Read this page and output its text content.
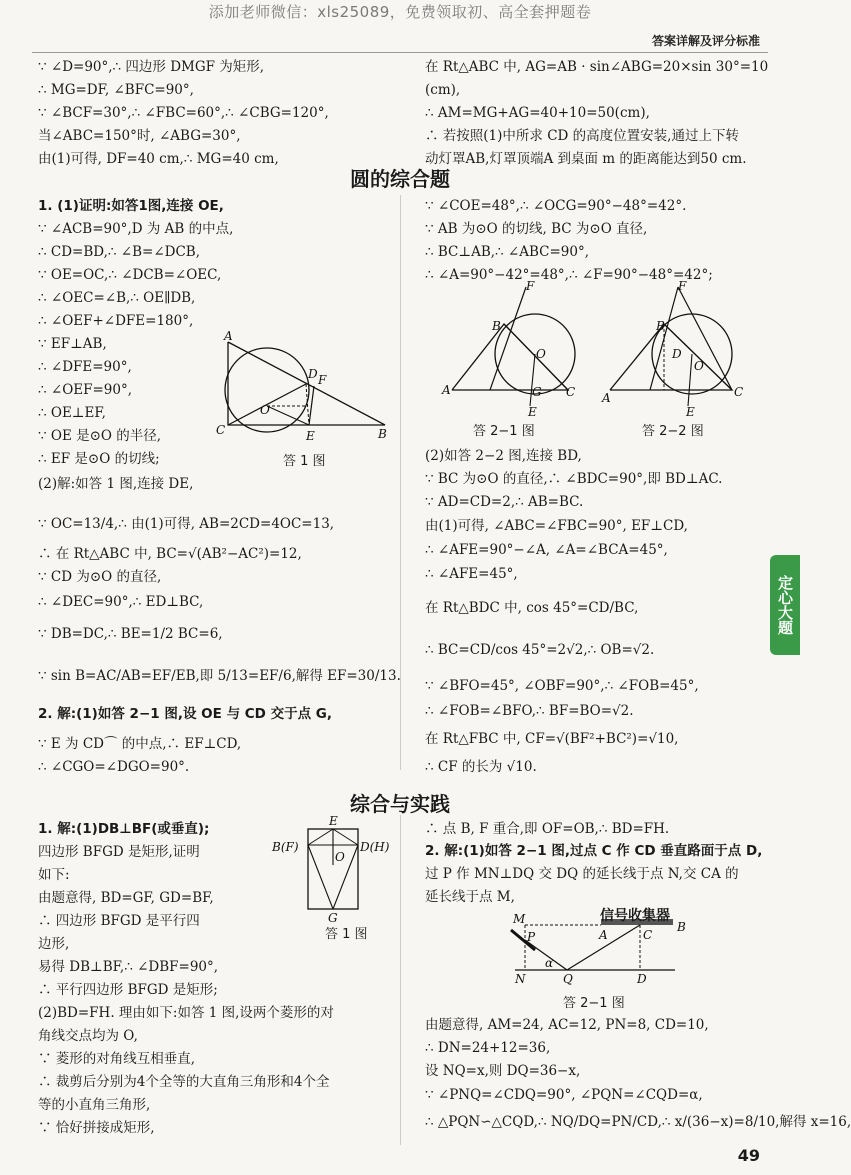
添加老师微信：xls25089，免费领取初、高全套押题卷
答案详解及评分标准
∵ ∠D=90°,∴ 四边形 DMGF 为矩形,
∴ MG=DF, ∠BFC=90°,
∵ ∠BCF=30°,∴ ∠FBC=60°,∴ ∠CBG=120°,
当∠ABC=150°时, ∠ABG=30°,
由(1)可得, DF=40 cm,∴ MG=40 cm,
在 Rt△ABC 中, AG=AB · sin∠ABG=20×sin 30°=10
(cm),
∴ AM=MG+AG=40+10=50(cm),
∴ 若按照(1)中所求 CD 的高度位置安装,通过上下转
动灯罩AB,灯罩顶端A 到桌面 m 的距离能达到50 cm.
圆的综合题
1. (1)证明:如答1图,连接 OE,
∵ ∠ACB=90°,D 为 AB 的中点,
∴ CD=BD,∴ ∠B=∠DCB,
∵ OE=OC,∴ ∠DCB=∠OEC,
∴ ∠OEC=∠B,∴ OE∥DB,
∴ ∠OEF+∠DFE=180°,
∵ EF⊥AB,
∴ ∠DFE=90°,
∴ ∠OEF=90°,
∴ OE⊥EF,
∵ OE 是⊙O 的半径,
∴ EF 是⊙O 的切线;
(2)解:如答 1 图,连接 DE,
∵ OC=13/4,∴ 由(1)可得, AB=2CD=4OC=13,
∴ 在 Rt△ABC 中, BC=√(AB²−AC²)=12,
∵ CD 为⊙O 的直径,
∴ ∠DEC=90°,∴ ED⊥BC,
∵ DB=DC,∴ BE=1/2 BC=6,
∵ sin B=AC/AB=EF/EB,即 5/13=EF/6,解得 EF=30/13.
2. 解:(1)如答 2−1 图,设 OE 与 CD 交于点 G,
∵ E 为 CD⌒ 的中点,∴ EF⊥CD,
∴ ∠CGO=∠DGO=90°.
A
D F
O
C	E	B
答 1 图
∵ ∠COE=48°,∴ ∠OCG=90°−48°=42°.
∵ AB 为⊙O 的切线, BC 为⊙O 直径,
∴ BC⊥AB,∴ ∠ABC=90°,
∴ ∠A=90°−42°=48°,∴ ∠F=90°−48°=42°;
(2)如答 2−2 图,连接 BD,
∵ BC 为⊙O 的直径,∴ ∠BDC=90°,即 BD⊥AC.
∵ AD=CD=2,∴ AB=BC.
由(1)可得, ∠ABC=∠FBC=90°, EF⊥CD,
∴ ∠AFE=90°−∠A, ∠A=∠BCA=45°,
∴ ∠AFE=45°,
在 Rt△BDC 中, cos 45°=CD/BC,
∴ BC=CD/cos 45°=2√2,∴ OB=√2.
∵ ∠BFO=45°, ∠OBF=90°,∴ ∠FOB=45°,
∴ ∠FOB=∠BFO,∴ BF=BO=√2.
在 Rt△FBC 中, CF=√(BF²+BC²)=√10,
∴ CF 的长为 √10.
F
B
O
A	G C
E
答 2−1 图
F
B
D
O
A	C
E
答 2−2 图
综合与实践
1. 解:(1)DB⊥BF(或垂直);
四边形 BFGD 是矩形,证明
如下:
由题意得, BD=GF, GD=BF,
∴ 四边形 BFGD 是平行四
边形,
易得 DB⊥BF,∴ ∠DBF=90°,
∴ 平行四边形 BFGD 是矩形;
(2)BD=FH. 理由如下:如答 1 图,设两个菱形的对
角线交点均为 O,
∵ 菱形的对角线互相垂直,
∴ 裁剪后分别为4个全等的大直角三角形和4个全
等的小直角三角形,
∵ 恰好拼接成矩形,
E
B(F)	D(H)
O
G
答 1 图
∴ 点 B, F 重合,即 OF=OB,∴ BD=FH.
2. 解:(1)如答 2−1 图,过点 C 作 CD 垂直路面于点 D,
过 P 作 MN⊥DQ 交 DQ 的延长线于点 N,交 CA 的
延长线于点 M,
由题意得, AM=24, AC=12, PN=8, CD=10,
∴ DN=24+12=36,
设 NQ=x,则 DQ=36−x,
∵ ∠PNQ=∠CDQ=90°, ∠PQN=∠CQD=α,
∴ △PQN∽△CQD,∴ NQ/DQ=PN/CD,∴ x/(36−x)=8/10,解得 x=16,
M
P	A	C
B
N
α
Q	D
信号收集器
答 2−1 图
定心大题
49
